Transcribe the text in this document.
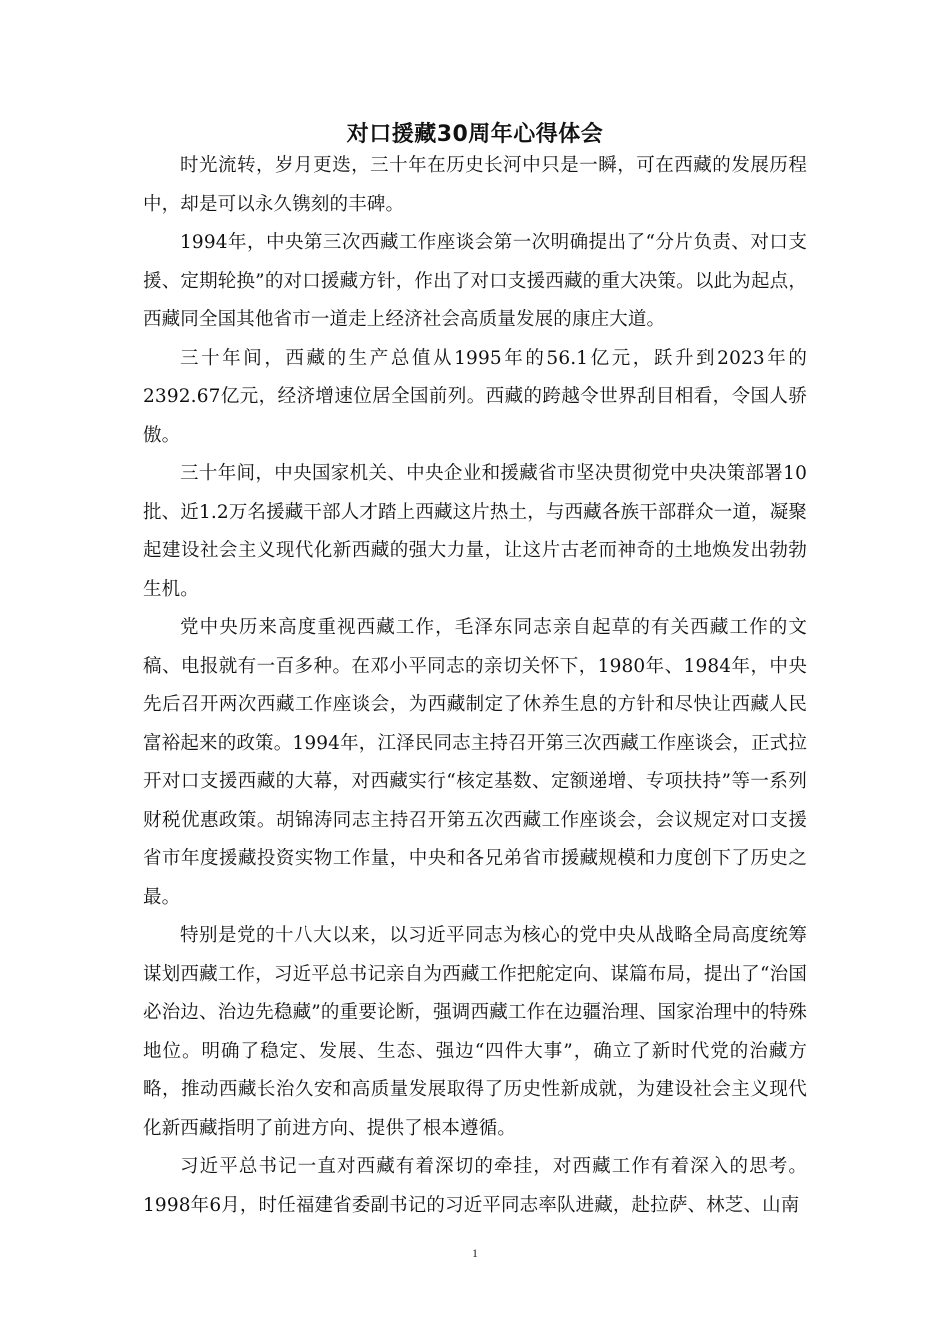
对口援藏30周年心得体会

时光流转，岁月更迭，三十年在历史长河中只是一瞬，可在西藏的发展历程中，却是可以永久镌刻的丰碑。

1994年，中央第三次西藏工作座谈会第一次明确提出了“分片负责、对口支援、定期轮换”的对口援藏方针，作出了对口支援西藏的重大决策。以此为起点，西藏同全国其他省市一道走上经济社会高质量发展的康庄大道。

三十年间，西藏的生产总值从1995年的56.1亿元，跃升到2023年的2392.67亿元，经济增速位居全国前列。西藏的跨越令世界刮目相看，令国人骄傲。

三十年间，中央国家机关、中央企业和援藏省市坚决贯彻党中央决策部署10批、近1.2万名援藏干部人才踏上西藏这片热土，与西藏各族干部群众一道，凝聚起建设社会主义现代化新西藏的强大力量，让这片古老而神奇的土地焕发出勃勃生机。

党中央历来高度重视西藏工作，毛泽东同志亲自起草的有关西藏工作的文稿、电报就有一百多种。在邓小平同志的亲切关怀下，1980年、1984年，中央先后召开两次西藏工作座谈会，为西藏制定了休养生息的方针和尽快让西藏人民富裕起来的政策。1994年，江泽民同志主持召开第三次西藏工作座谈会，正式拉开对口支援西藏的大幕，对西藏实行“核定基数、定额递增、专项扶持”等一系列财税优惠政策。胡锦涛同志主持召开第五次西藏工作座谈会，会议规定对口支援省市年度援藏投资实物工作量，中央和各兄弟省市援藏规模和力度创下了历史之最。

特别是党的十八大以来，以习近平同志为核心的党中央从战略全局高度统筹谋划西藏工作，习近平总书记亲自为西藏工作把舵定向、谋篇布局，提出了“治国必治边、治边先稳藏”的重要论断，强调西藏工作在边疆治理、国家治理中的特殊地位。明确了稳定、发展、生态、强边“四件大事”，确立了新时代党的治藏方略，推动西藏长治久安和高质量发展取得了历史性新成就，为建设社会主义现代化新西藏指明了前进方向、提供了根本遵循。

习近平总书记一直对西藏有着深切的牵挂，对西藏工作有着深入的思考。1998年6月，时任福建省委副书记的习近平同志率队进藏，赴拉萨、林芝、山南

1
